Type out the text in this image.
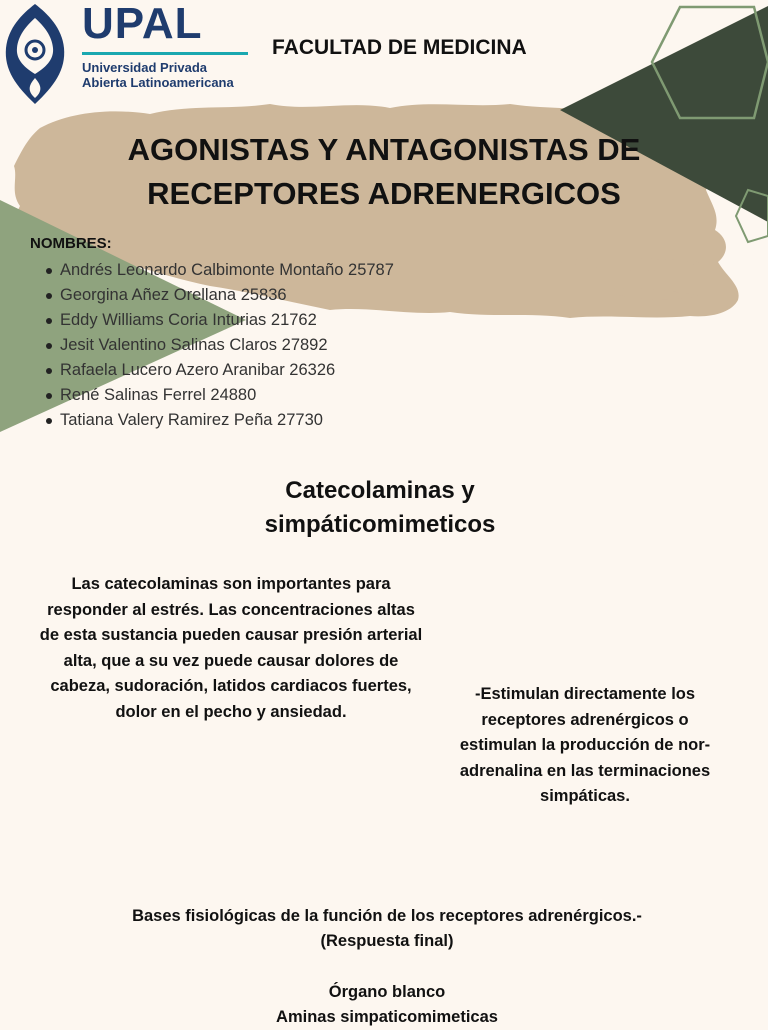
UPAL
Universidad Privada
Abierta Latinoamericana
FACULTAD DE MEDICINA
AGONISTAS Y ANTAGONISTAS DE
RECEPTORES ADRENERGICOS
NOMBRES:
Andrés Leonardo Calbimonte Montaño 25787
Georgina Añez Orellana 25836
Eddy Williams Coria Inturias 21762
Jesit Valentino Salinas Claros 27892
Rafaela Lucero Azero Aranibar 26326
René Salinas Ferrel 24880
Tatiana Valery Ramirez Peña 27730
Catecolaminas y
simpáticomimeticos
Las catecolaminas son importantes para responder al estrés. Las concentraciones altas de esta sustancia pueden causar presión arterial alta, que a su vez puede causar dolores de cabeza, sudoración, latidos cardiacos fuertes, dolor en el pecho y ansiedad.
-Estimulan directamente los receptores adrenérgicos o estimulan la producción de nor-adrenalina en las terminaciones simpáticas.
Bases fisiológicas de la función de los receptores adrenérgicos.-
(Respuesta final)
Órgano blanco
Aminas simpaticomimeticas
